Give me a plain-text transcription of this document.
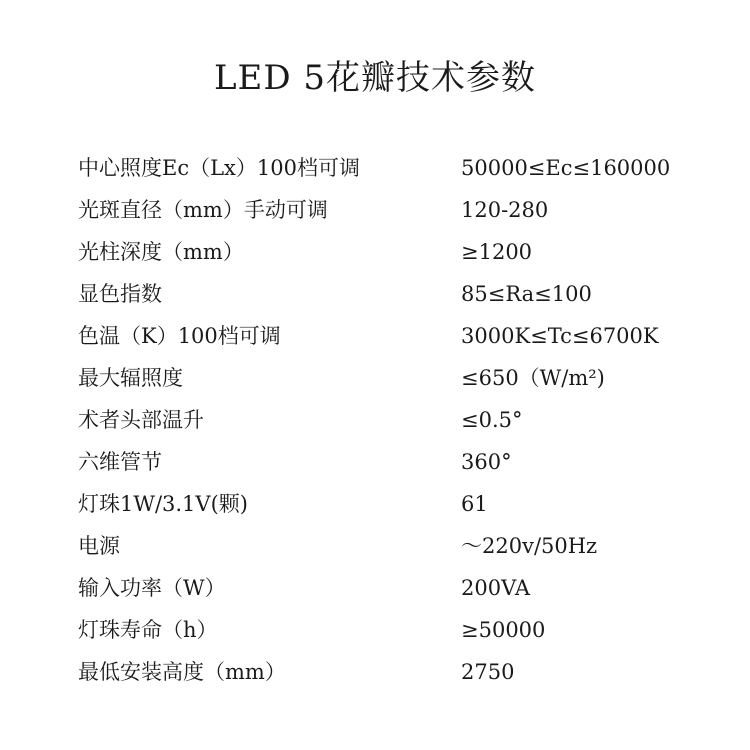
LED 5花瓣技术参数
中心照度Ec（Lx）100档可调	50000≤Ec≤160000
光斑直径（mm）手动可调	120-280
光柱深度（mm）	≥1200
显色指数	85≤Ra≤100
色温（K）100档可调	3000K≤Tc≤6700K
最大辐照度	≤650（W/m²)
术者头部温升	≤0.5°
六维管节	360°
灯珠1W/3.1V(颗)	61
电源	～220v/50Hz
输入功率（W）	200VA
灯珠寿命（h）	≥50000
最低安装高度（mm）	2750
